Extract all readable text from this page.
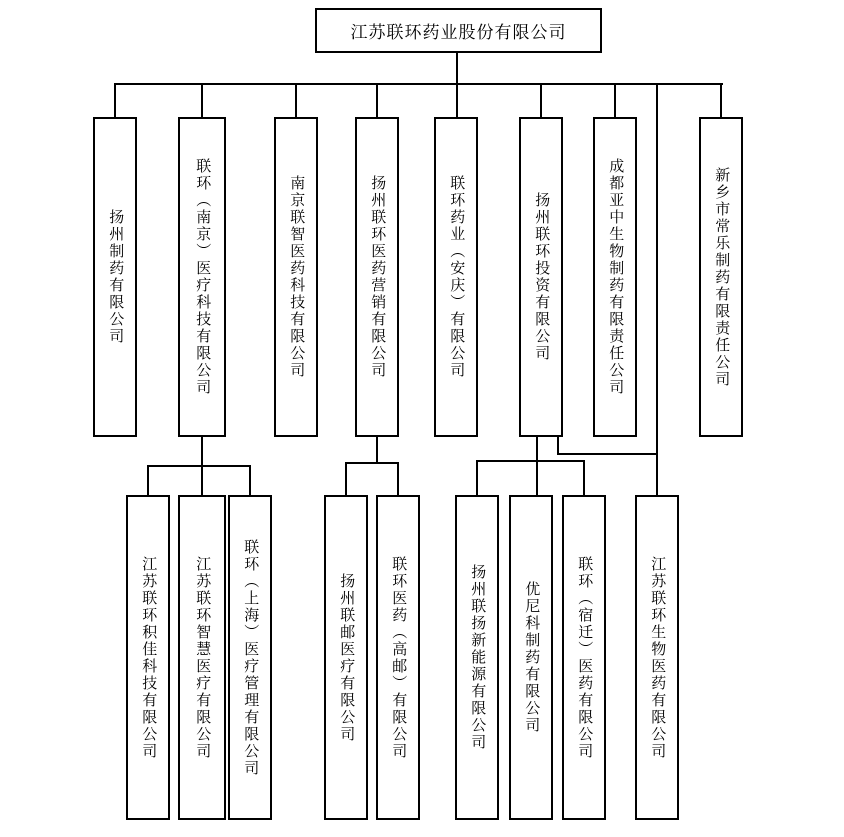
江苏联环药业股份有限公司
扬州制药有限公司	联环（南京）医疗科技有限公司	南京联智医药科技有限公司	扬州联环医药营销有限公司	联环药业（安庆）有限公司	扬州联环投资有限公司	成都亚中生物制药有限责任公司	新乡市常乐制药有限责任公司
江苏联环积佳科技有限公司	江苏联环智慧医疗有限公司 联环（上海）医疗管理有限公司	扬州联邮医疗有限公司 联环医药（高邮）有限公司	扬州联扬新能源有限公司	优尼科制药有限公司 联环（宿迁）医药有限公司	江苏联环生物医药有限公司
